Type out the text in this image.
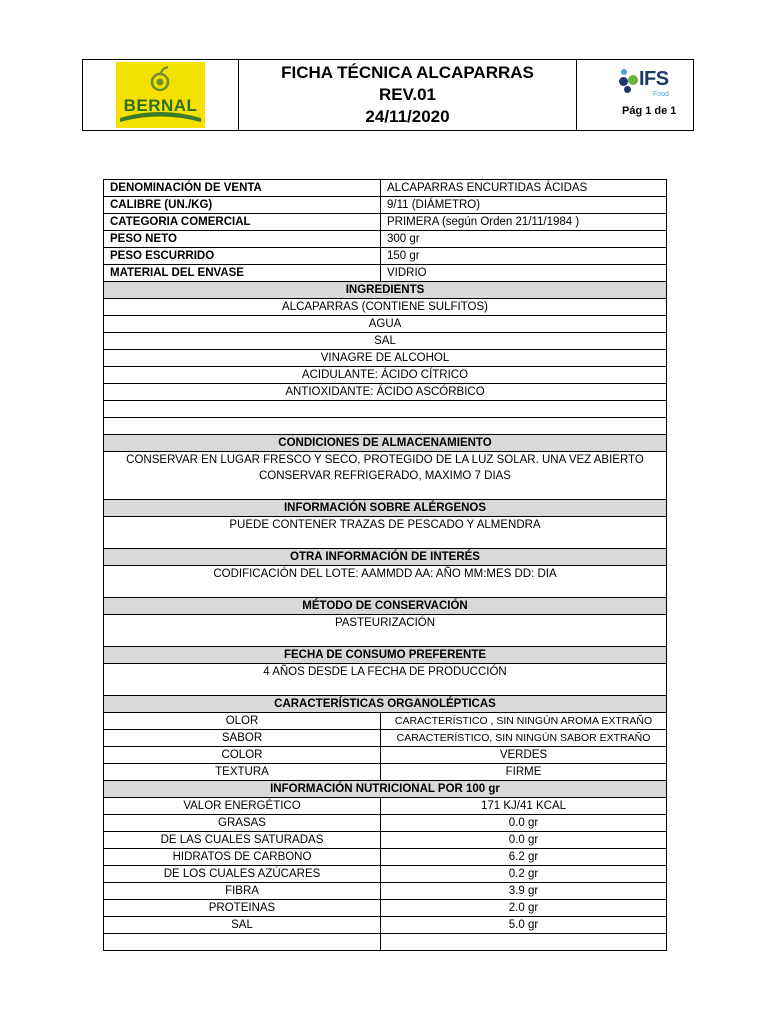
BERNAL
FICHA TÉCNICA ALCAPARRAS
REV.01
24/11/2020
IFS
Food
Pág 1 de 1
DENOMINACIÓN DE VENTA	ALCAPARRAS ENCURTIDAS ÁCIDAS
CALIBRE (UN./KG)	9/11 (DIÁMETRO)
CATEGORIA COMERCIAL	PRIMERA (según Orden 21/11/1984 )
PESO NETO	300 gr
PESO ESCURRIDO	150 gr
MATERIAL DEL ENVASE	VIDRIO
INGREDIENTS	
ALCAPARRAS (CONTIENE SULFITOS)	
AGUA	
SAL	
VINAGRE DE ALCOHOL	
ACIDULANTE: ÁCIDO CÍTRICO	
ANTIOXIDANTE: ÁCIDO ASCÓRBICO	

CONDICIONES DE ALMACENAMIENTO	
CONSERVAR EN LUGAR FRESCO Y SECO, PROTEGIDO DE LA LUZ SOLAR. UNA VEZ ABIERTO CONSERVAR REFRIGERADO, MAXIMO 7 DIAS	
INFORMACIÓN SOBRE ALÉRGENOS	
PUEDE CONTENER TRAZAS DE PESCADO Y ALMENDRA	
OTRA INFORMACIÓN DE INTERÉS	
CODIFICACIÓN DEL LOTE: AAMMDD AA: AÑO MM:MES DD: DIA	
MÉTODO DE CONSERVACIÓN	
PASTEURIZACIÓN	
FECHA DE CONSUMO PREFERENTE	
4 AÑOS DESDE LA FECHA DE PRODUCCIÓN	
CARACTERÍSTICAS ORGANOLÉPTICAS	
OLOR	CARACTERÍSTICO , SIN NINGÚN AROMA EXTRAÑO
SABOR	CARACTERÍSTICO, SIN NINGÚN SABOR EXTRAÑO
COLOR	VERDES
TEXTURA	FIRME
INFORMACIÓN NUTRICIONAL POR 100 gr	
VALOR ENERGÉTICO	171 KJ/41 KCAL
GRASAS	0.0 gr
DE LAS CUALES SATURADAS	0.0 gr
HIDRATOS DE CARBONO	6.2 gr
DE LOS CUALES AZÚCARES	0.2 gr
FIBRA	3.9 gr
PROTEINAS	2.0 gr
SAL	5.0 gr
